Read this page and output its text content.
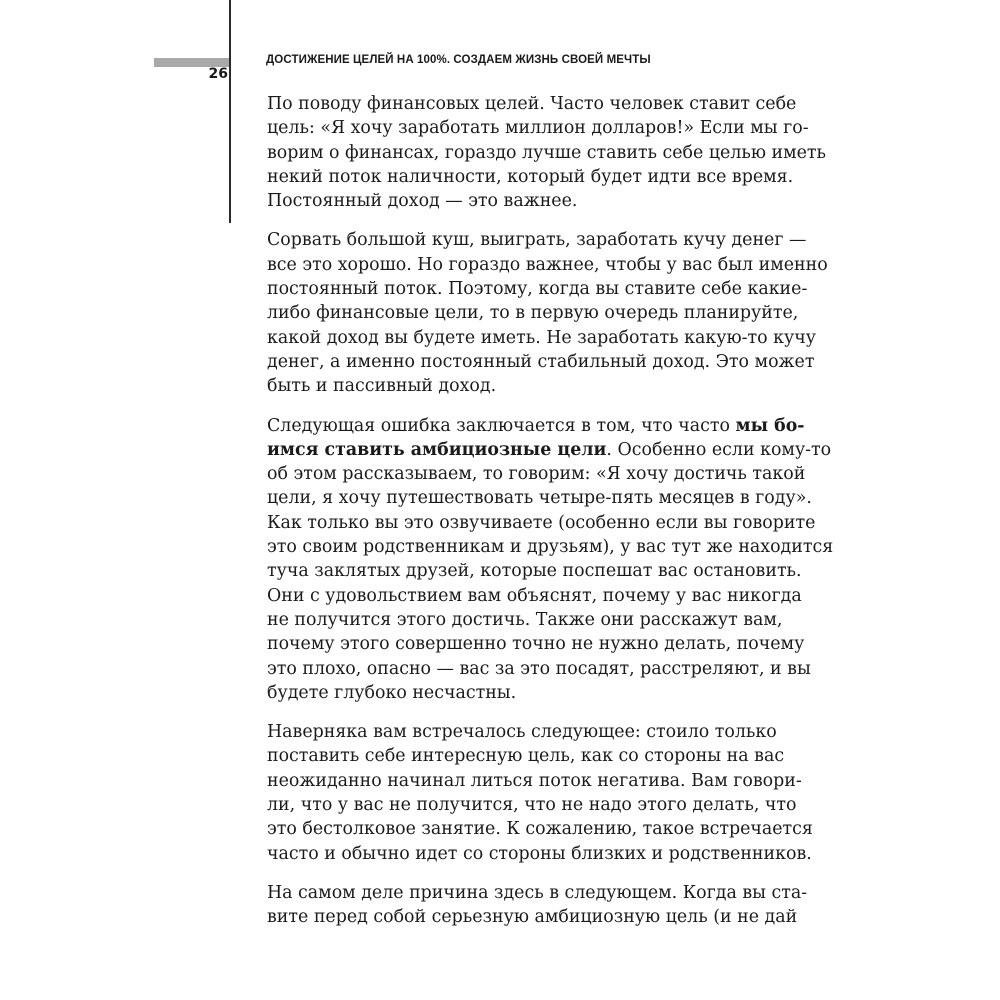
26
ДОСТИЖЕНИЕ ЦЕЛЕЙ НА 100%. СОЗДАЕМ ЖИЗНЬ СВОЕЙ МЕЧТЫ
По поводу финансовых целей. Часто человек ставит себе
цель: «Я хочу заработать миллион долларов!» Если мы го-
ворим о финансах, гораздо лучше ставить себе целью иметь
некий поток наличности, который будет идти все время.
Постоянный доход — это важнее.
Сорвать большой куш, выиграть, заработать кучу денег —
все это хорошо. Но гораздо важнее, чтобы у вас был именно
постоянный поток. Поэтому, когда вы ставите себе какие-
либо финансовые цели, то в первую очередь планируйте,
какой доход вы будете иметь. Не заработать какую-то кучу
денег, а именно постоянный стабильный доход. Это может
быть и пассивный доход.
Следующая ошибка заключается в том, что часто мы бо-
имся ставить амбициозные цели. Особенно если кому-то
об этом рассказываем, то говорим: «Я хочу достичь такой
цели, я хочу путешествовать четыре-пять месяцев в году».
Как только вы это озвучиваете (особенно если вы говорите
это своим родственникам и друзьям), у вас тут же находится
туча заклятых друзей, которые поспешат вас остановить.
Они с удовольствием вам объяснят, почему у вас никогда
не получится этого достичь. Также они расскажут вам,
почему этого совершенно точно не нужно делать, почему
это плохо, опасно — вас за это посадят, расстреляют, и вы
будете глубоко несчастны.
Наверняка вам встречалось следующее: стоило только
поставить себе интересную цель, как со стороны на вас
неожиданно начинал литься поток негатива. Вам говори-
ли, что у вас не получится, что не надо этого делать, что
это бестолковое занятие. К сожалению, такое встречается
часто и обычно идет со стороны близких и родственников.
На самом деле причина здесь в следующем. Когда вы ста-
вите перед собой серьезную амбициозную цель (и не дай
